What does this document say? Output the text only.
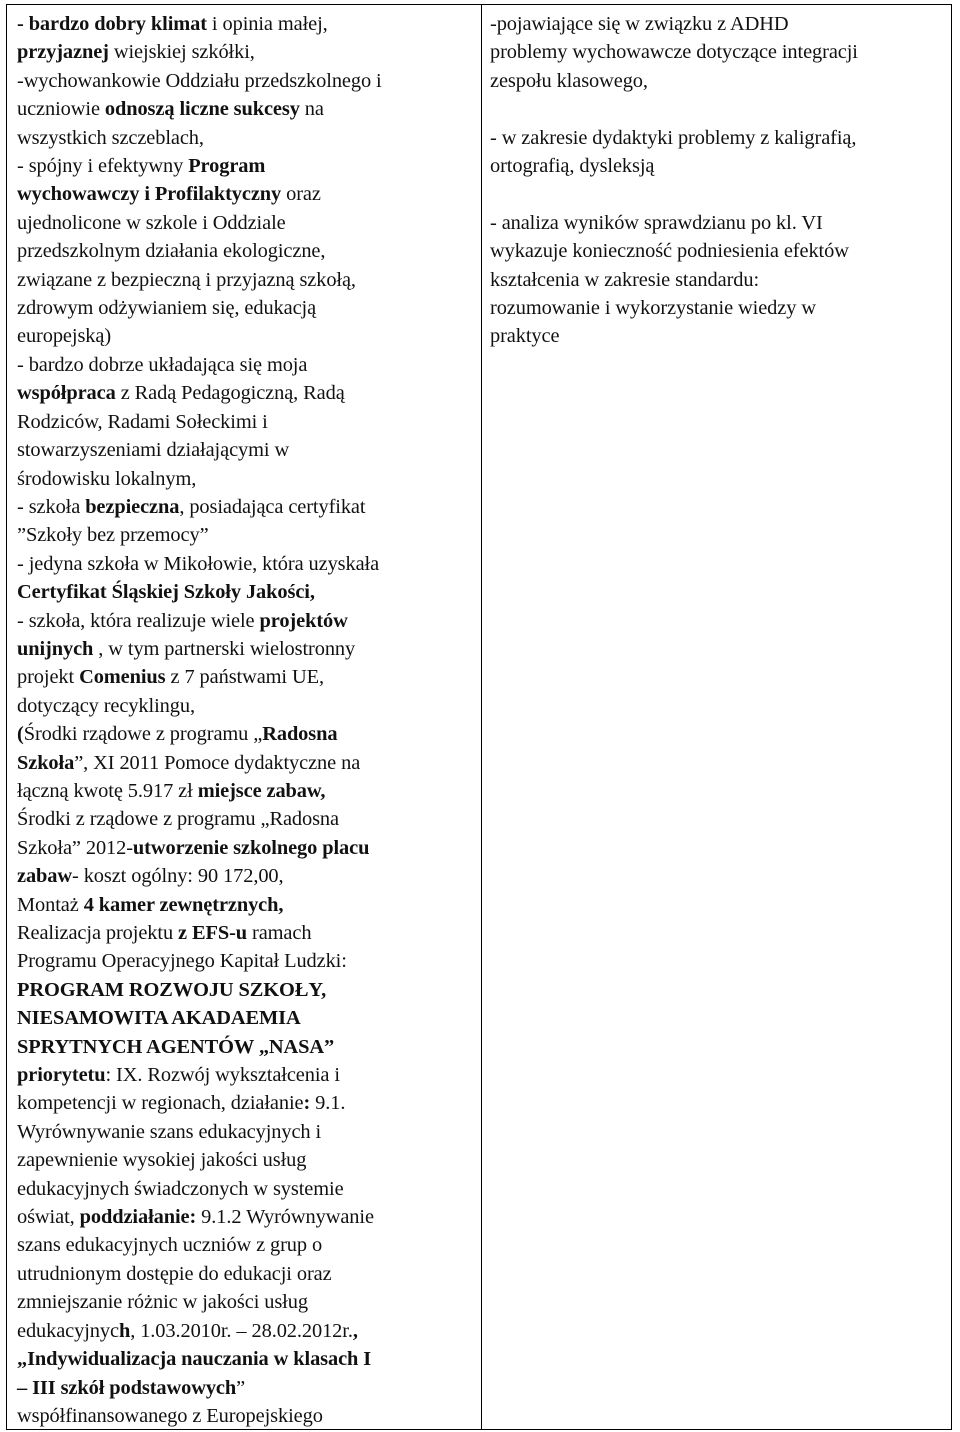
- bardzo dobry klimat i opinia małej,

przyjaznej wiejskiej szkółki,

-wychowankowie Oddziału przedszkolnego i

uczniowie odnoszą liczne sukcesy na

wszystkich szczeblach,

- spójny i efektywny Program

wychowawczy i Profilaktyczny oraz

ujednolicone w szkole i Oddziale

przedszkolnym działania ekologiczne,

związane z bezpieczną i przyjazną szkołą,

zdrowym odżywianiem się, edukacją

europejską)

- bardzo dobrze układająca się moja

współpraca z Radą Pedagogiczną, Radą

Rodziców, Radami Sołeckimi i

stowarzyszeniami działającymi w

środowisku lokalnym,

- szkoła bezpieczna, posiadająca certyfikat

”Szkoły bez przemocy”

- jedyna szkoła w Mikołowie, która uzyskała

Certyfikat Śląskiej Szkoły Jakości,

- szkoła, która realizuje wiele projektów

unijnych , w tym partnerski wielostronny

projekt Comenius z 7 państwami UE,

dotyczący recyklingu,

(Środki rządowe z programu „Radosna

Szkoła”, XI 2011 Pomoce dydaktyczne na

łączną kwotę 5.917 zł miejsce zabaw,

Środki z rządowe z programu „Radosna

Szkoła” 2012-utworzenie szkolnego placu

zabaw- koszt ogólny: 90 172,00,

Montaż 4 kamer zewnętrznych,

Realizacja projektu z EFS-u ramach

Programu Operacyjnego Kapitał Ludzki:

PROGRAM ROZWOJU SZKOŁY,

NIESAMOWITA AKADAEMIA

SPRYTNYCH AGENTÓW „NASA”

priorytetu: IX. Rozwój wykształcenia i

kompetencji w regionach, działanie: 9.1.

Wyrównywanie szans edukacyjnych i

zapewnienie wysokiej jakości usług

edukacyjnych świadczonych w systemie

oświat, poddziałanie: 9.1.2 Wyrównywanie

szans edukacyjnych uczniów z grup o

utrudnionym dostępie do edukacji oraz

zmniejszanie różnic w jakości usług

edukacyjnych, 1.03.2010r. – 28.02.2012r.,

„Indywidualizacja nauczania w klasach I

– III szkół podstawowych”

współfinansowanego z Europejskiego

-pojawiające się w związku z ADHD

problemy wychowawcze dotyczące integracji

zespołu klasowego,

- w zakresie dydaktyki problemy z kaligrafią,

ortografią, dysleksją

- analiza wyników sprawdzianu po kl. VI

wykazuje konieczność podniesienia efektów

kształcenia w zakresie standardu:

rozumowanie i wykorzystanie wiedzy w

praktyce
